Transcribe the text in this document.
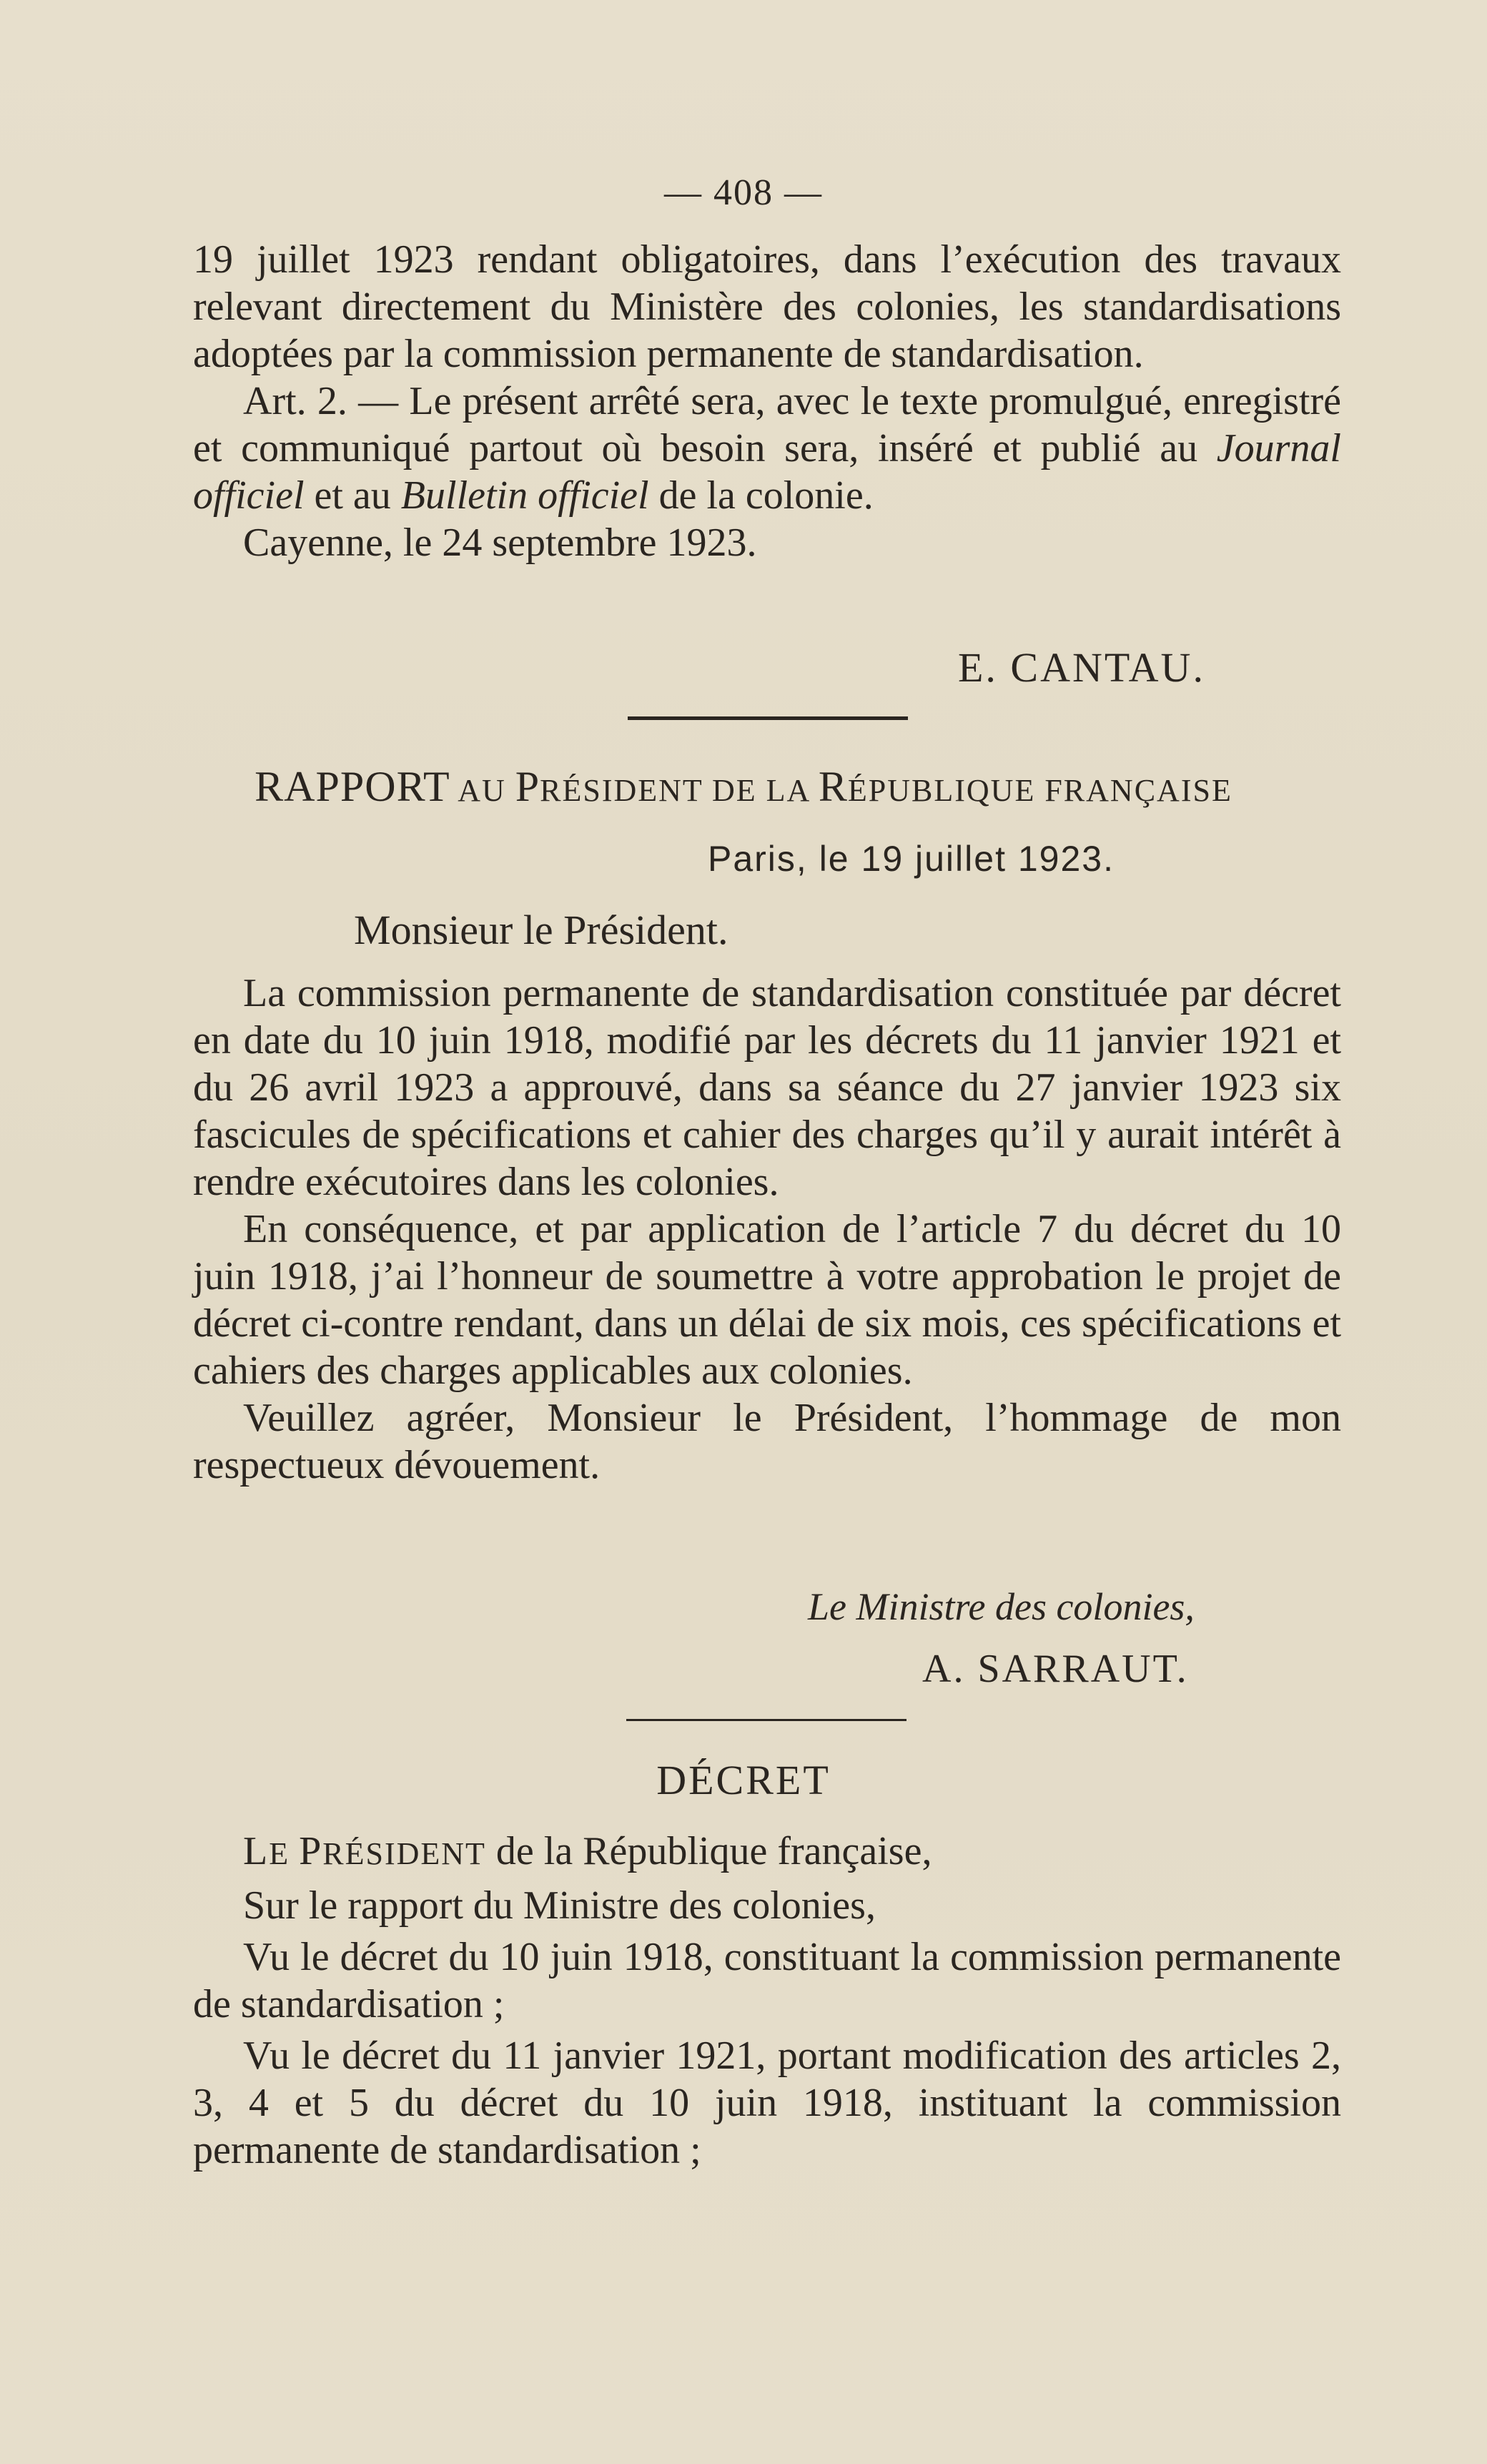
— 408 —

19 juillet 1923 rendant obligatoires, dans l’exécution des travaux relevant directement du Ministère des colonies, les standardisations adoptées par la commission permanente de standardisation.

Art. 2. — Le présent arrêté sera, avec le texte promulgué, enregistré et communiqué partout où besoin sera, inséré et publié au Journal officiel et au Bulletin officiel de la colonie.

Cayenne, le 24 septembre 1923.

E. CANTAU.
RAPPORT AU PRÉSIDENT DE LA RÉPUBLIQUE FRANÇAISE
Paris, le 19 juillet 1923.

Monsieur le Président.

La commission permanente de standardisation constituée par décret en date du 10 juin 1918, modifié par les décrets du 11 janvier 1921 et du 26 avril 1923 a approuvé, dans sa séance du 27 janvier 1923 six fascicules de spécifications et cahier des charges qu’il y aurait intérêt à rendre exécutoires dans les colonies.

En conséquence, et par application de l’article 7 du décret du 10 juin 1918, j’ai l’honneur de soumettre à votre approbation le projet de décret ci-contre rendant, dans un délai de six mois, ces spécifications et cahiers des charges applicables aux colonies.

Veuillez agréer, Monsieur le Président, l’hommage de mon respectueux dévouement.

Le Ministre des colonies,
A. SARRAUT.
DÉCRET

LE PRÉSIDENT de la République française,

Sur le rapport du Ministre des colonies,

Vu le décret du 10 juin 1918, constituant la commission permanente de standardisation ;

Vu le décret du 11 janvier 1921, portant modification des articles 2, 3, 4 et 5 du décret du 10 juin 1918, instituant la commission permanente de standardisation ;
